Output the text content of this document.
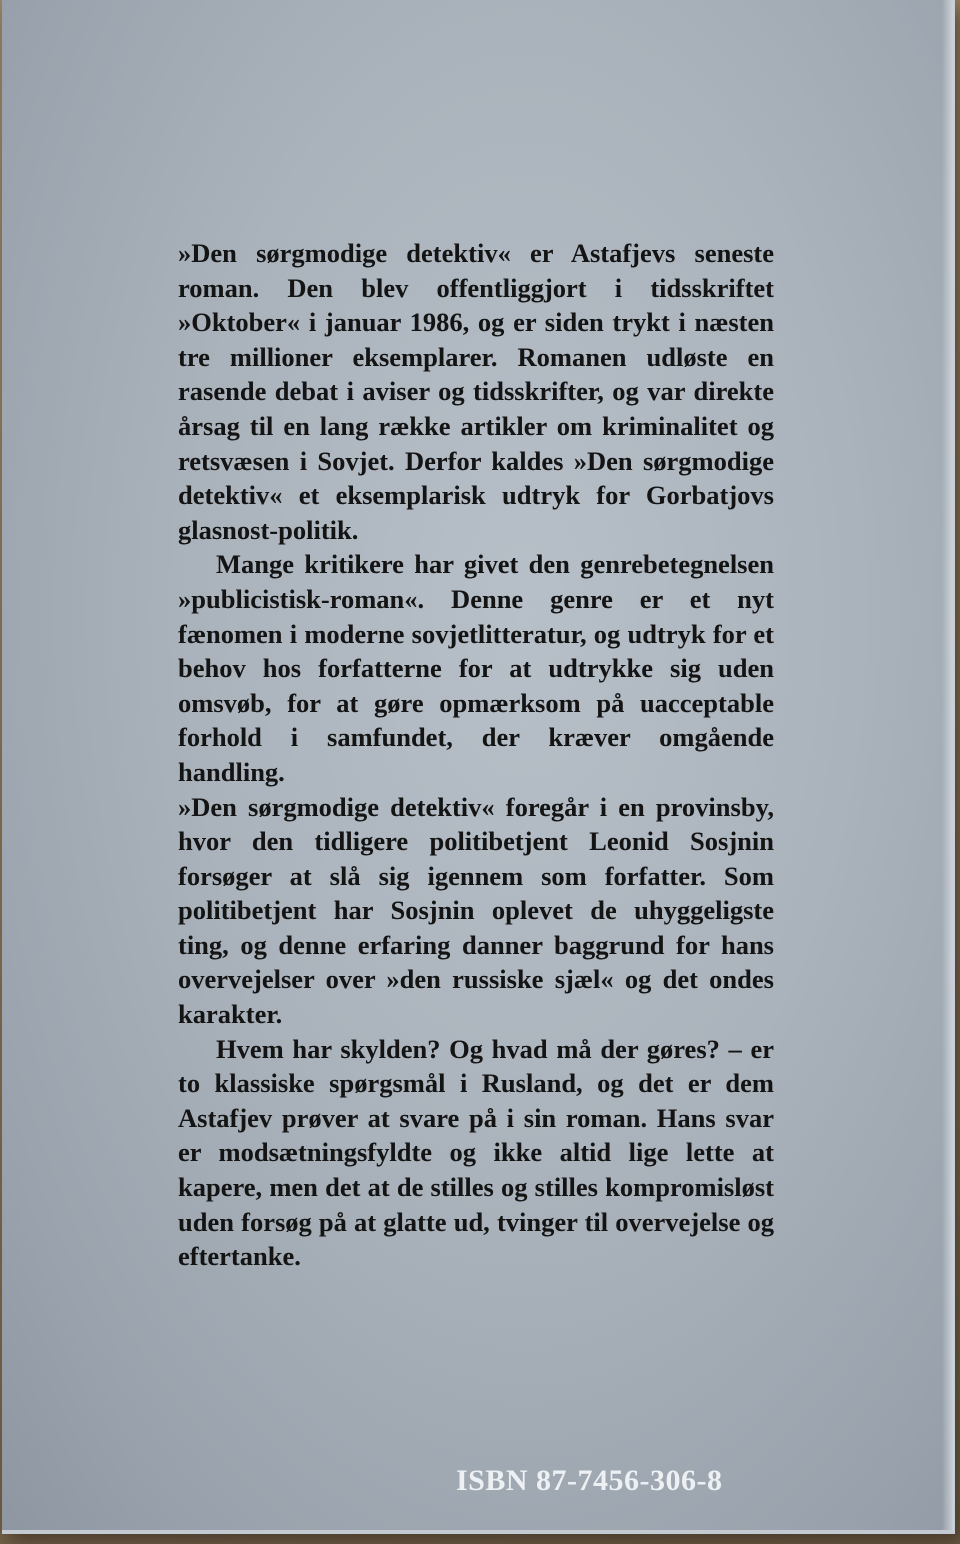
»Den sørgmodige detektiv« er Astafjevs seneste roman. Den blev offentliggjort i tidsskriftet »Oktober« i januar 1986, og er siden trykt i næsten tre millioner eksemplarer. Romanen udløste en rasende debat i aviser og tidsskrifter, og var direkte årsag til en lang række artikler om kriminalitet og retsvæsen i Sovjet. Derfor kaldes »Den sørgmodige detektiv« et eksemplarisk udtryk for Gorbatjovs glasnost-politik.

Mange kritikere har givet den genrebetegnelsen »publicistisk-roman«. Denne genre er et nyt fænomen i moderne sovjetlitteratur, og udtryk for et behov hos forfatterne for at udtrykke sig uden omsvøb, for at gøre opmærksom på uacceptable forhold i samfundet, der kræver omgående handling.

»Den sørgmodige detektiv« foregår i en provinsby, hvor den tidligere politibetjent Leonid Sosjnin forsøger at slå sig igennem som forfatter. Som politibetjent har Sosjnin oplevet de uhyggeligste ting, og denne erfaring danner baggrund for hans overvejelser over »den russiske sjæl« og det ondes karakter.

Hvem har skylden? Og hvad må der gøres? – er to klassiske spørgsmål i Rusland, og det er dem Astafjev prøver at svare på i sin roman. Hans svar er modsætningsfyldte og ikke altid lige lette at kapere, men det at de stilles og stilles kompromisløst uden forsøg på at glatte ud, tvinger til overvejelse og eftertanke.

ISBN 87-7456-306-8
